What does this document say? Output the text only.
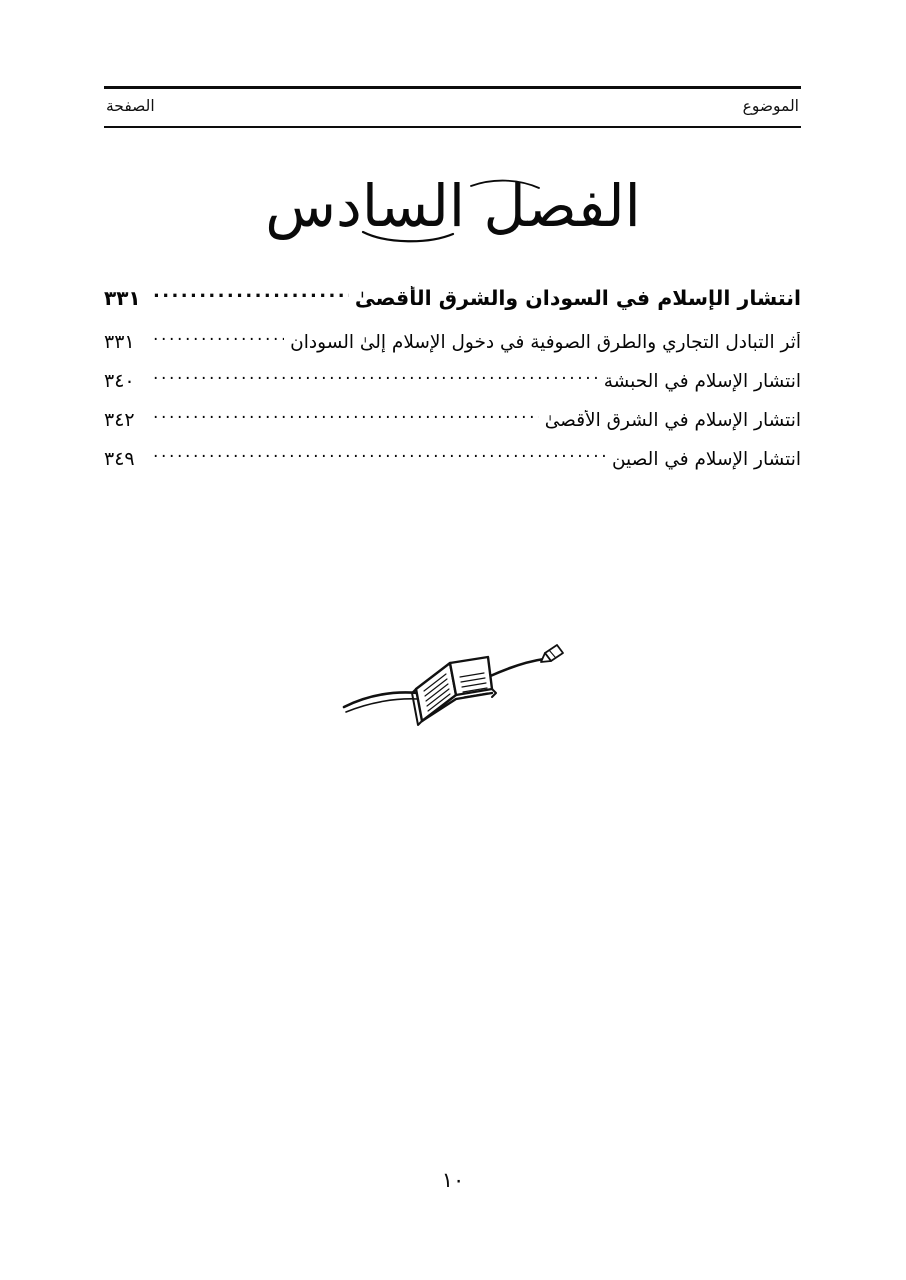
الموضوع
الصفحة
الفصل السادس
انتشار الإسلام في السودان والشرق الأقصىٰ
.....
٣٣١
أثر التبادل التجاري والطرق الصوفية في دخول الإسلام إلىٰ السودان
.....
٣٣١
انتشار الإسلام في الحبشة
.....
٣٤٠
انتشار الإسلام في الشرق الأقصىٰ
.....
٣٤٢
انتشار الإسلام في الصين
.....
٣٤٩
١٠
